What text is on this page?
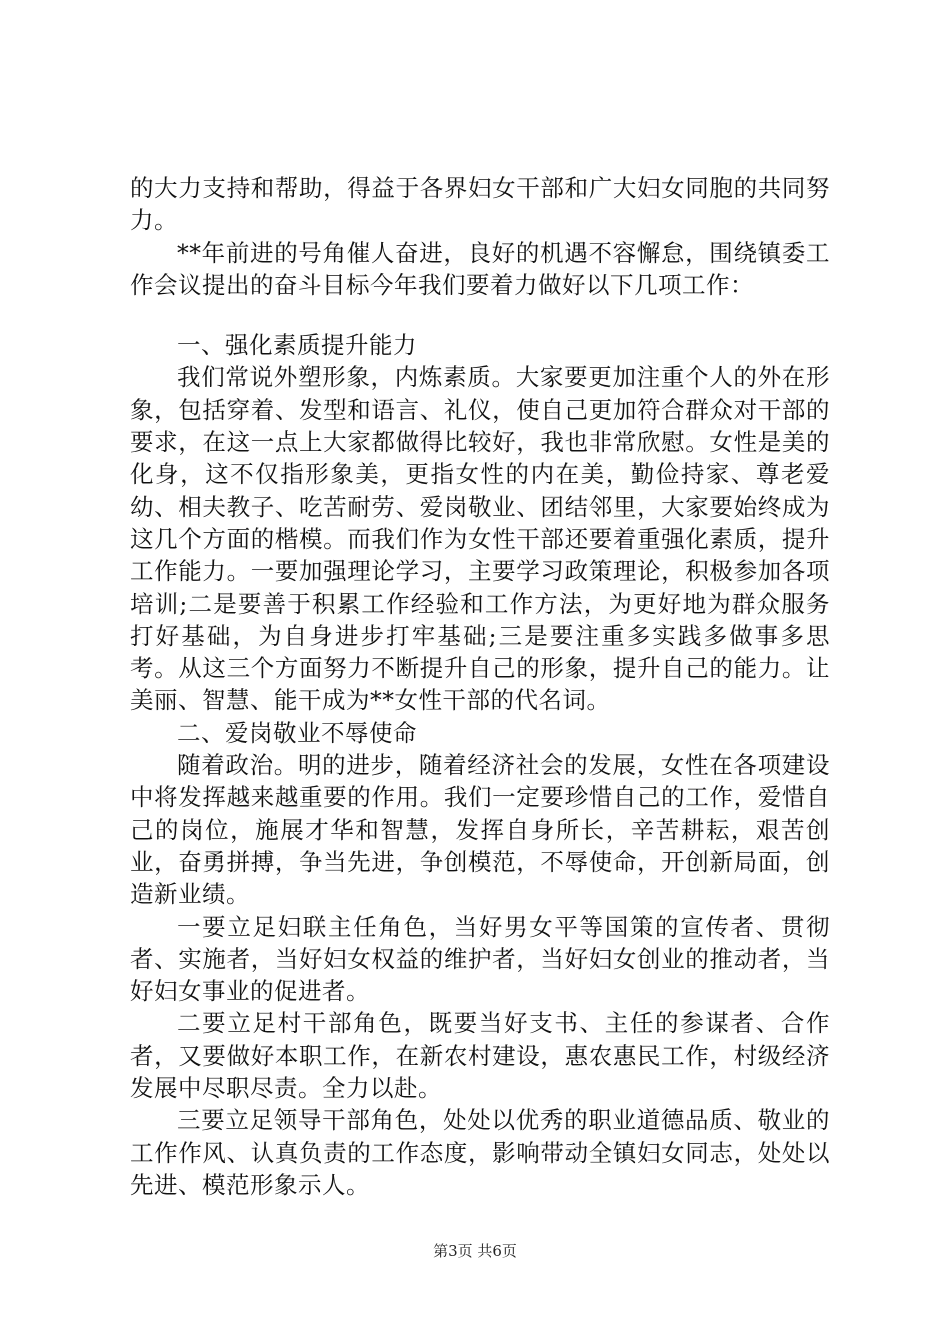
的大力支持和帮助，得益于各界妇女干部和广大妇女同胞的共同努力。

**年前进的号角催人奋进，良好的机遇不容懈怠，围绕镇委工作会议提出的奋斗目标今年我们要着力做好以下几项工作：

一、强化素质提升能力

我们常说外塑形象，内炼素质。大家要更加注重个人的外在形象，包括穿着、发型和语言、礼仪，使自己更加符合群众对干部的要求，在这一点上大家都做得比较好，我也非常欣慰。女性是美的化身，这不仅指形象美，更指女性的内在美，勤俭持家、尊老爱幼、相夫教子、吃苦耐劳、爱岗敬业、团结邻里，大家要始终成为这几个方面的楷模。而我们作为女性干部还要着重强化素质，提升工作能力。一要加强理论学习，主要学习政策理论，积极参加各项培训;二是要善于积累工作经验和工作方法，为更好地为群众服务打好基础，为自身进步打牢基础;三是要注重多实践多做事多思考。从这三个方面努力不断提升自己的形象，提升自己的能力。让美丽、智慧、能干成为**女性干部的代名词。

二、爱岗敬业不辱使命

随着政治。明的进步，随着经济社会的发展，女性在各项建设中将发挥越来越重要的作用。我们一定要珍惜自己的工作，爱惜自己的岗位，施展才华和智慧，发挥自身所长，辛苦耕耘，艰苦创业，奋勇拼搏，争当先进，争创模范，不辱使命，开创新局面，创造新业绩。

一要立足妇联主任角色，当好男女平等国策的宣传者、贯彻者、实施者，当好妇女权益的维护者，当好妇女创业的推动者，当好妇女事业的促进者。

二要立足村干部角色，既要当好支书、主任的参谋者、合作者，又要做好本职工作，在新农村建设，惠农惠民工作，村级经济发展中尽职尽责。全力以赴。

三要立足领导干部角色，处处以优秀的职业道德品质、敬业的工作作风、认真负责的工作态度，影响带动全镇妇女同志，处处以先进、模范形象示人。

第3页 共6页
